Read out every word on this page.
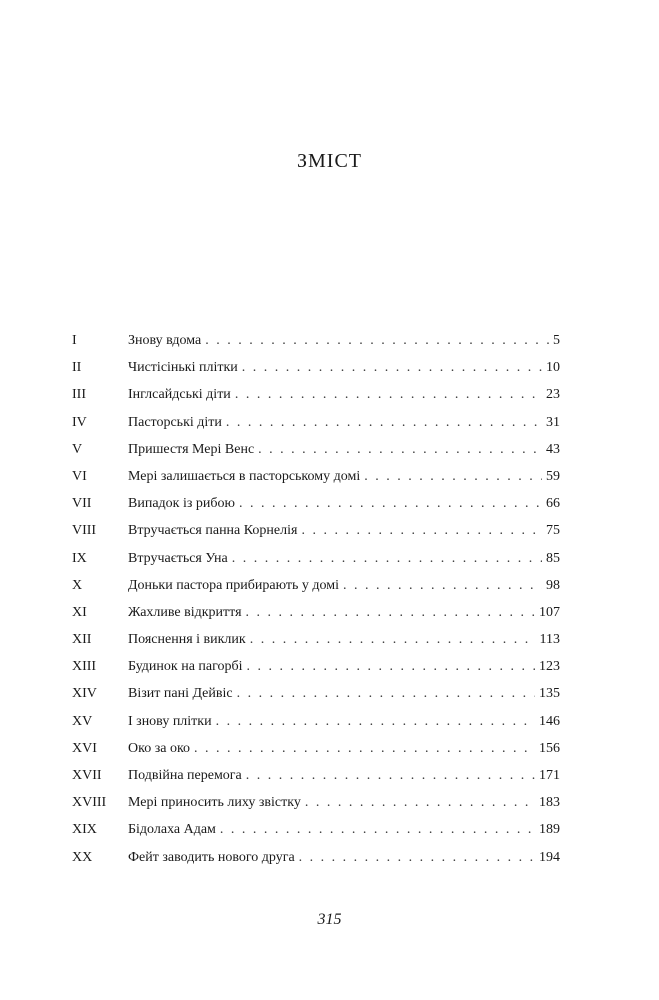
ЗМІСТ
I	Знову вдома . . .	5
II	Чистісінькі плітки . . .	10
III	Інглсайдські діти . . .	23
IV	Пасторські діти . . .	31
V	Пришестя Мері Венс . . .	43
VI	Мері залишається в пасторському домі . . .	59
VII	Випадок із рибою . . .	66
VIII	Втручається панна Корнелія . . .	75
IX	Втручається Уна . . .	85
X	Доньки пастора прибирають у домі . . .	98
XI	Жахливе відкриття . . .	107
XII	Пояснення і виклик . . .	113
XIII	Будинок на пагорбі . . .	123
XIV	Візит пані Дейвіс . . .	135
XV	І знову плітки . . .	146
XVI	Око за око . . .	156
XVII	Подвійна перемога . . .	171
XVIII	Мері приносить лиху звістку . . .	183
XIX	Бідолаха Адам . . .	189
XX	Фейт заводить нового друга . . .	194
315
